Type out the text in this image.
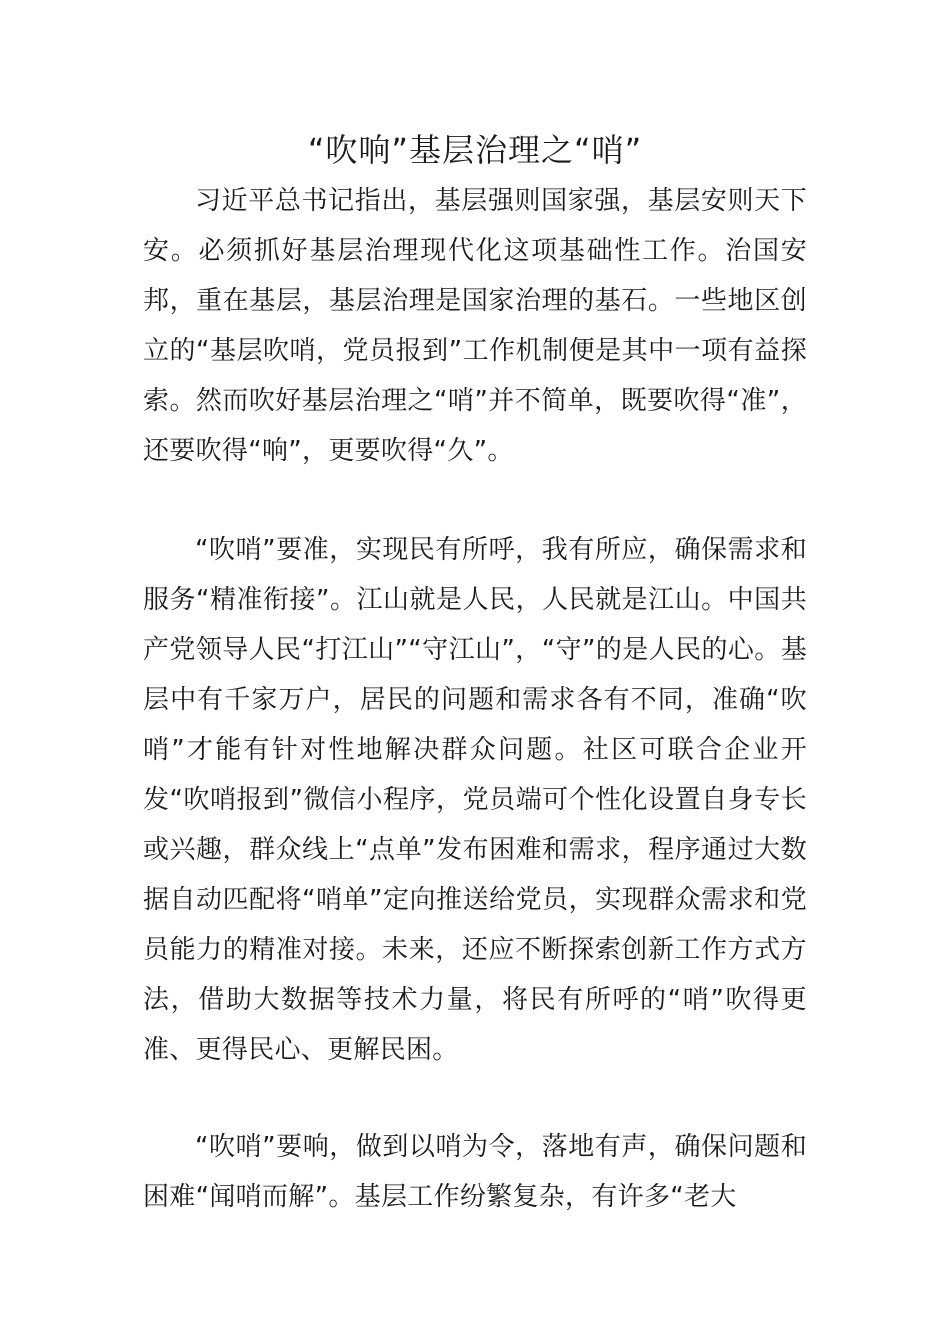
“吹响”基层治理之“哨”

习近平总书记指出，基层强则国家强，基层安则天下安。必须抓好基层治理现代化这项基础性工作。治国安邦，重在基层，基层治理是国家治理的基石。一些地区创立的“基层吹哨，党员报到”工作机制便是其中一项有益探索。然而吹好基层治理之“哨”并不简单，既要吹得“准”，还要吹得“响”，更要吹得“久”。

“吹哨”要准，实现民有所呼，我有所应，确保需求和服务“精准衔接”。江山就是人民，人民就是江山。中国共产党领导人民“打江山”“守江山”，“守”的是人民的心。基层中有千家万户，居民的问题和需求各有不同，准确“吹哨”才能有针对性地解决群众问题。社区可联合企业开发“吹哨报到”微信小程序，党员端可个性化设置自身专长或兴趣，群众线上“点单”发布困难和需求，程序通过大数据自动匹配将“哨单”定向推送给党员，实现群众需求和党员能力的精准对接。未来，还应不断探索创新工作方式方法，借助大数据等技术力量，将民有所呼的“哨”吹得更准、更得民心、更解民困。

“吹哨”要响，做到以哨为令，落地有声，确保问题和困难“闻哨而解”。基层工作纷繁复杂，有许多“老大
